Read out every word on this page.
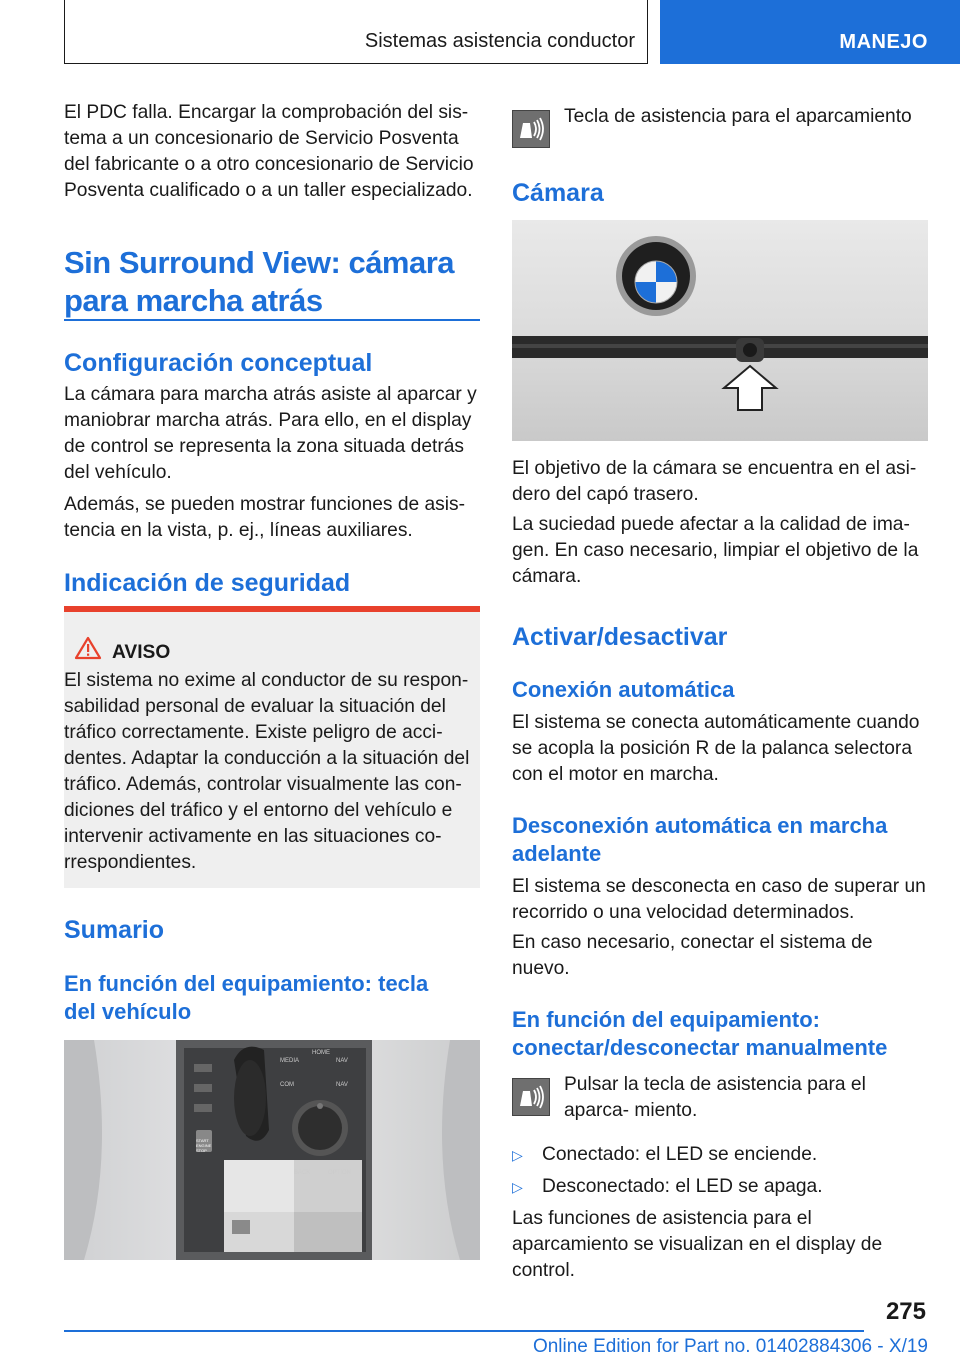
Sistemas asistencia conductor	MANEJO

El PDC falla. Encargar la comprobación del sis- tema a un concesionario de Servicio Posventa del fabricante o a otro concesionario de Servicio Posventa cualificado o a un taller especializado.

Sin Surround View: cámara
para marcha atrás
Configuración conceptual

La cámara para marcha atrás asiste al aparcar y maniobrar marcha atrás. Para ello, en el display de control se representa la zona situada detrás del vehículo.

Además, se pueden mostrar funciones de asis- tencia en la vista, p. ej., líneas auxiliares.

Indicación de seguridad
AVISO

El sistema no exime al conductor de su respon- sabilidad personal de evaluar la situación del tráfico correctamente. Existe peligro de acci- dentes. Adaptar la conducción a la situación del tráfico. Además, controlar visualmente las con- diciones del tráfico y el entorno del vehículo e intervenir activamente en las situaciones co- rrespondientes.

Sumario
En función del equipamiento: tecla
del vehículo
MEDIA
HOME
NAV
COM	NAV
BACK	OPTION
START ENGINE STOP

Tecla de asistencia para el aparcamiento

Cámara

El objetivo de la cámara se encuentra en el asi- dero del capó trasero.

La suciedad puede afectar a la calidad de ima- gen. En caso necesario, limpiar el objetivo de la cámara.

Activar/desactivar
Conexión automática

El sistema se conecta automáticamente cuando se acopla la posición R de la palanca selectora con el motor en marcha.

Desconexión automática en marcha
adelante

El sistema se desconecta en caso de superar un recorrido o una velocidad determinados.

En caso necesario, conectar el sistema de nuevo.

En función del equipamiento:
conectar/desconectar manualmente

Pulsar la tecla de asistencia para el aparca- miento.

▷ Conectado: el LED se enciende.
▷ Desconectado: el LED se apaga.

Las funciones de asistencia para el aparcamiento se visualizan en el display de control.

275
Online Edition for Part no. 01402884306 - X/19
